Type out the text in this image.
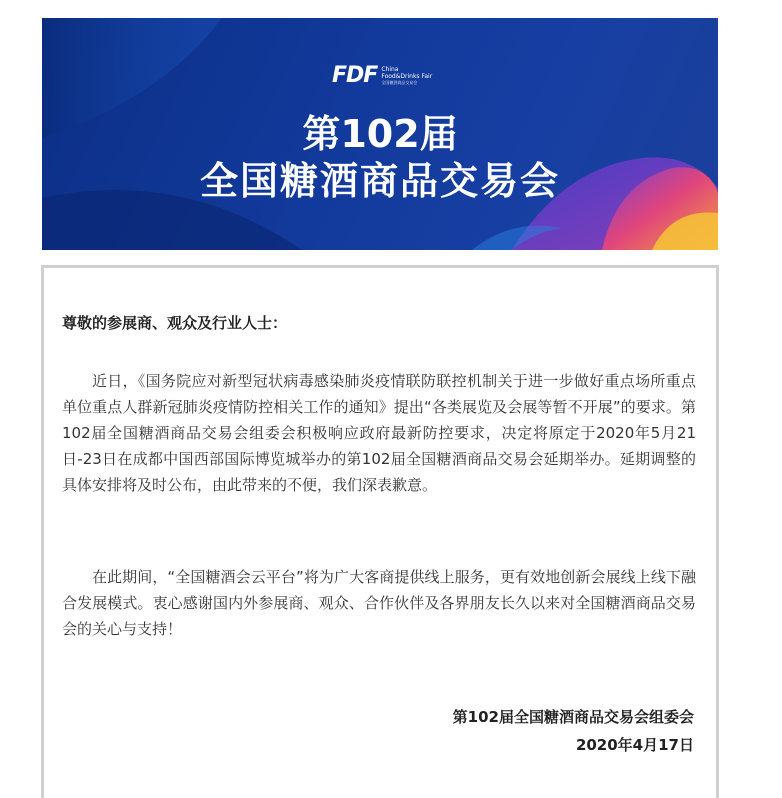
FDF China
Food&Drinks Fair
全国糖酒商品交易会
第102届
全国糖酒商品交易会
尊敬的参展商、观众及行业人士：

近日，《国务院应对新型冠状病毒感染肺炎疫情联防联控机制关于进一步做好重点场所重点单位重点人群新冠肺炎疫情防控相关工作的通知》提出“各类展览及会展等暂不开展”的要求。第102届全国糖酒商品交易会组委会积极响应政府最新防控要求，决定将原定于2020年5月21日-23日在成都中国西部国际博览城举办的第102届全国糖酒商品交易会延期举办。延期调整的具体安排将及时公布，由此带来的不便，我们深表歉意。

在此期间，“全国糖酒会云平台”将为广大客商提供线上服务，更有效地创新会展线上线下融合发展模式。衷心感谢国内外参展商、观众、合作伙伴及各界朋友长久以来对全国糖酒商品交易会的关心与支持！

第102届全国糖酒商品交易会组委会
2020年4月17日
